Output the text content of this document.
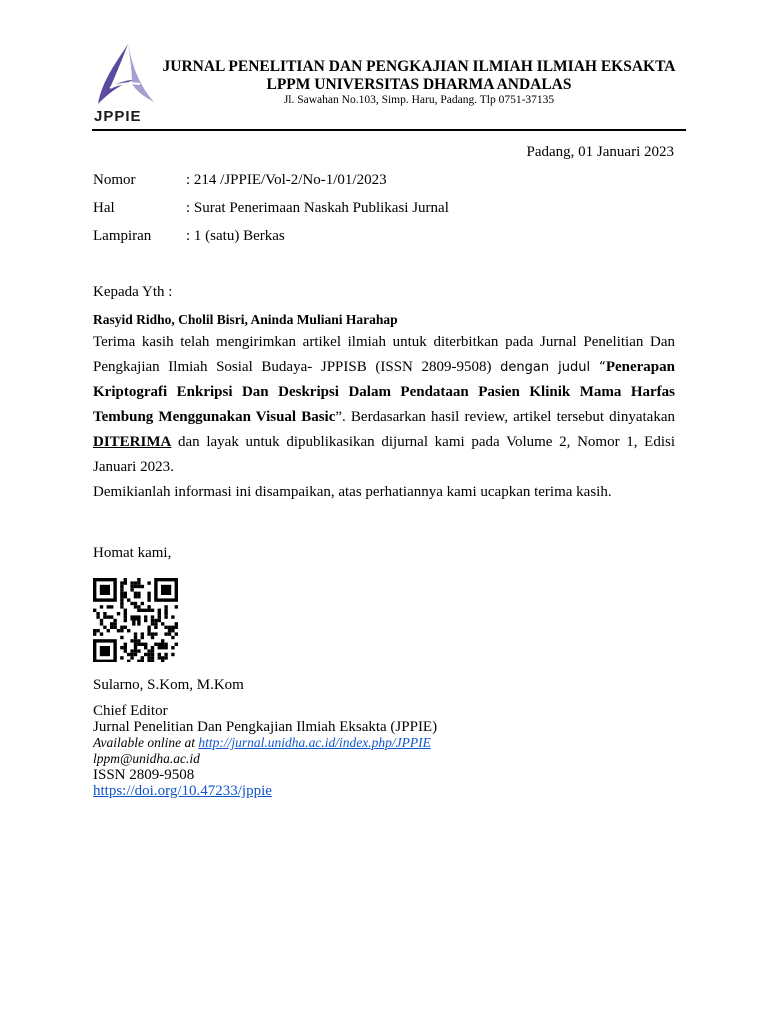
JPPIE
JURNAL PENELITIAN DAN PENGKAJIAN ILMIAH ILMIAH EKSAKTA
LPPM UNIVERSITAS DHARMA ANDALAS
Jl. Sawahan No.103, Simp. Haru, Padang. Tlp 0751-37135
Padang, 01 Januari 2023
Nomor	: 214 /JPPIE/Vol-2/No-1/01/2023
Hal	: Surat Penerimaan Naskah Publikasi Jurnal
Lampiran : 1 (satu) Berkas
Kepada Yth :
Rasyid Ridho, Cholil Bisri, Aninda Muliani Harahap
Terima kasih telah mengirimkan artikel ilmiah untuk diterbitkan pada Jurnal Penelitian Dan Pengkajian Ilmiah Sosial Budaya- JPPISB (ISSN 2809-9508) dengan judul “Penerapan Kriptografi Enkripsi Dan Deskripsi Dalam Pendataan Pasien Klinik Mama Harfas Tembung Menggunakan Visual Basic”. Berdasarkan hasil review, artikel tersebut dinyatakan DITERIMA dan layak untuk dipublikasikan dijurnal kami pada Volume 2, Nomor 1, Edisi Januari 2023.
Demikianlah informasi ini disampaikan, atas perhatiannya kami ucapkan terima kasih.
Homat kami,
Sularno, S.Kom, M.Kom
Chief Editor
Jurnal Penelitian Dan Pengkajian Ilmiah Eksakta (JPPIE)
Available online at http://jurnal.unidha.ac.id/index.php/JPPIE
lppm@unidha.ac.id
ISSN 2809-9508
https://doi.org/10.47233/jppie
